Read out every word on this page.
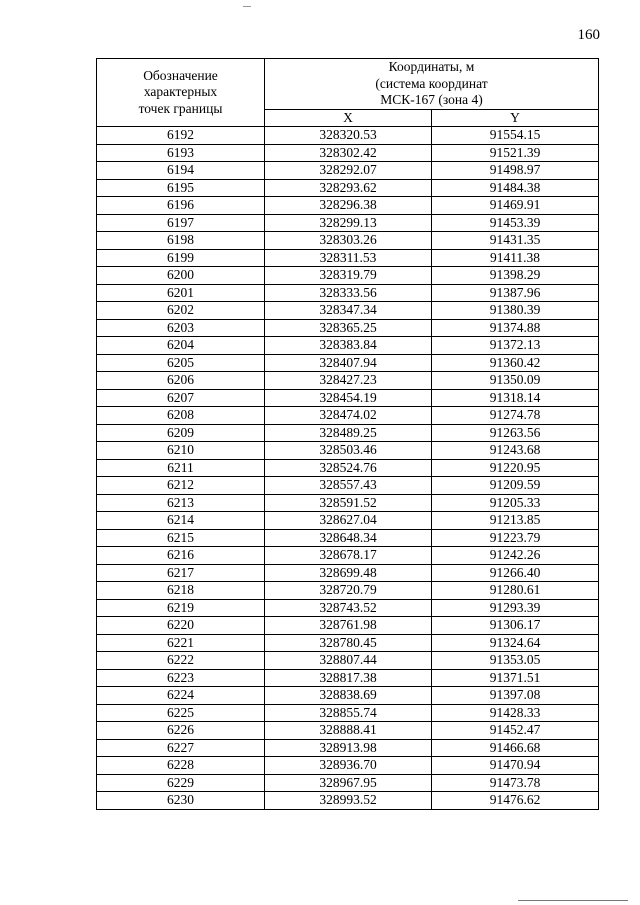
160
Обозначение
характерных
точек границы	Координаты, м
(система координат
МСК-167 (зона 4)	
	X	Y
6192	328320.53	91554.15
6193	328302.42	91521.39
6194	328292.07	91498.97
6195	328293.62	91484.38
6196	328296.38	91469.91
6197	328299.13	91453.39
6198	328303.26	91431.35
6199	328311.53	91411.38
6200	328319.79	91398.29
6201	328333.56	91387.96
6202	328347.34	91380.39
6203	328365.25	91374.88
6204	328383.84	91372.13
6205	328407.94	91360.42
6206	328427.23	91350.09
6207	328454.19	91318.14
6208	328474.02	91274.78
6209	328489.25	91263.56
6210	328503.46	91243.68
6211	328524.76	91220.95
6212	328557.43	91209.59
6213	328591.52	91205.33
6214	328627.04	91213.85
6215	328648.34	91223.79
6216	328678.17	91242.26
6217	328699.48	91266.40
6218	328720.79	91280.61
6219	328743.52	91293.39
6220	328761.98	91306.17
6221	328780.45	91324.64
6222	328807.44	91353.05
6223	328817.38	91371.51
6224	328838.69	91397.08
6225	328855.74	91428.33
6226	328888.41	91452.47
6227	328913.98	91466.68
6228	328936.70	91470.94
6229	328967.95	91473.78
6230	328993.52	91476.62
